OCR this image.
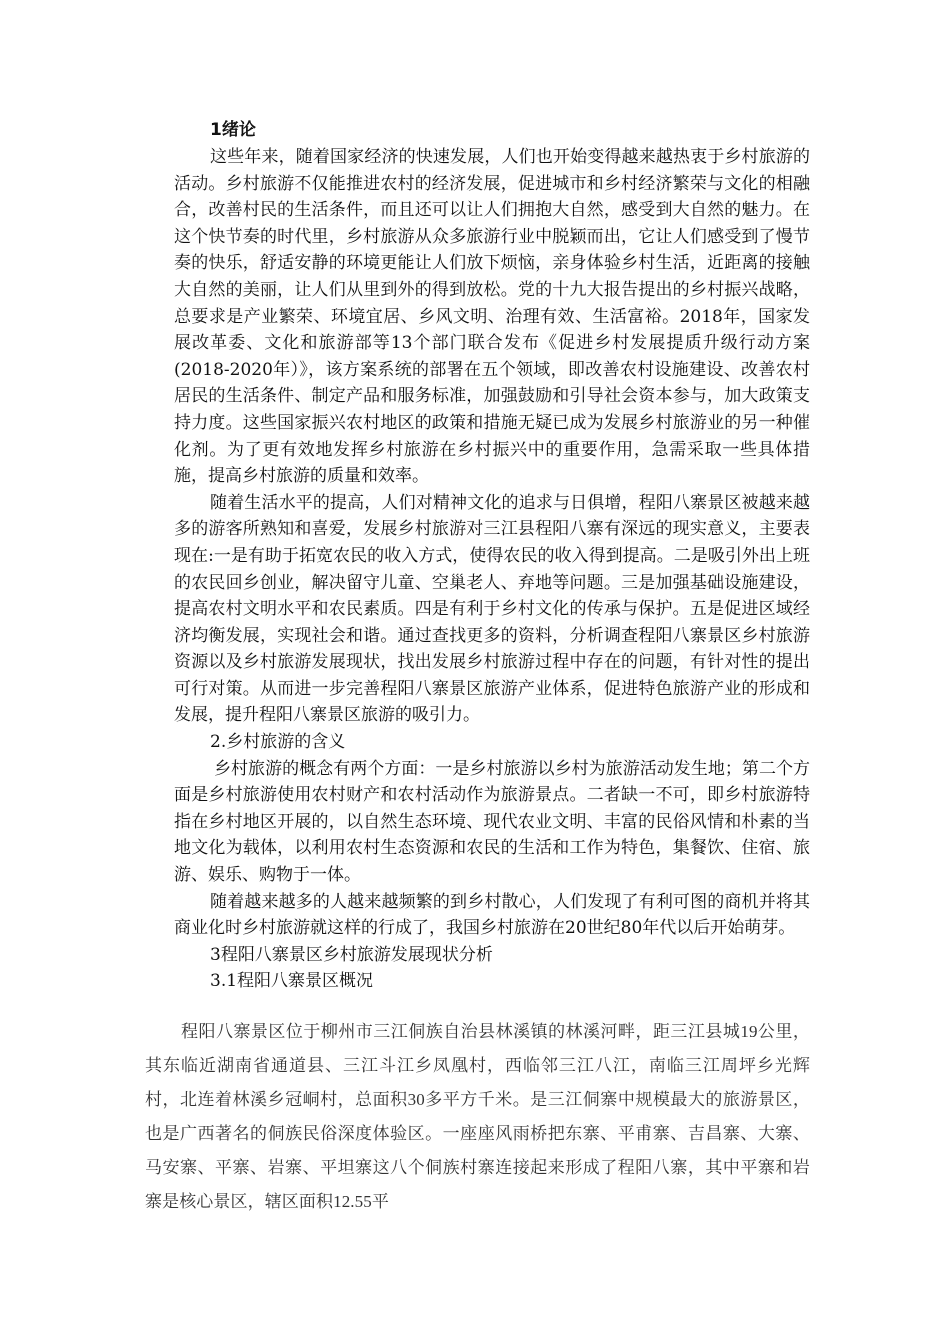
1绪论

这些年来，随着国家经济的快速发展，人们也开始变得越来越热衷于乡村旅游的活动。乡村旅游不仅能推进农村的经济发展，促进城市和乡村经济繁荣与文化的相融合，改善村民的生活条件，而且还可以让人们拥抱大自然，感受到大自然的魅力。在这个快节奏的时代里，乡村旅游从众多旅游行业中脱颖而出，它让人们感受到了慢节奏的快乐，舒适安静的环境更能让人们放下烦恼，亲身体验乡村生活，近距离的接触大自然的美丽，让人们从里到外的得到放松。党的十九大报告提出的乡村振兴战略，总要求是产业繁荣、环境宜居、乡风文明、治理有效、生活富裕。2018年，国家发展改革委、文化和旅游部等13个部门联合发布《促进乡村发展提质升级行动方案(2018-2020年）》，该方案系统的部署在五个领域，即改善农村设施建设、改善农村居民的生活条件、制定产品和服务标准，加强鼓励和引导社会资本参与，加大政策支持力度。这些国家振兴农村地区的政策和措施无疑已成为发展乡村旅游业的另一种催化剂。为了更有效地发挥乡村旅游在乡村振兴中的重要作用，急需采取一些具体措施，提高乡村旅游的质量和效率。

随着生活水平的提高，人们对精神文化的追求与日俱增，程阳八寨景区被越来越多的游客所熟知和喜爱，发展乡村旅游对三江县程阳八寨有深远的现实意义，主要表现在:一是有助于拓宽农民的收入方式，使得农民的收入得到提高。二是吸引外出上班的农民回乡创业，解决留守儿童、空巢老人、弃地等问题。三是加强基础设施建设，提高农村文明水平和农民素质。四是有利于乡村文化的传承与保护。五是促进区域经济均衡发展，实现社会和谐。通过查找更多的资料，分析调查程阳八寨景区乡村旅游资源以及乡村旅游发展现状，找出发展乡村旅游过程中存在的问题，有针对性的提出可行对策。从而进一步完善程阳八寨景区旅游产业体系，促进特色旅游产业的形成和发展，提升程阳八寨景区旅游的吸引力。

2.乡村旅游的含义

乡村旅游的概念有两个方面：一是乡村旅游以乡村为旅游活动发生地；第二个方面是乡村旅游使用农村财产和农村活动作为旅游景点。二者缺一不可，即乡村旅游特指在乡村地区开展的，以自然生态环境、现代农业文明、丰富的民俗风情和朴素的当地文化为载体，以利用农村生态资源和农民的生活和工作为特色，集餐饮、住宿、旅游、娱乐、购物于一体。

随着越来越多的人越来越频繁的到乡村散心，人们发现了有利可图的商机并将其商业化时乡村旅游就这样的行成了，我国乡村旅游在20世纪80年代以后开始萌芽。

3程阳八寨景区乡村旅游发展现状分析
3.1程阳八寨景区概况

程阳八寨景区位于柳州市三江侗族自治县林溪镇的林溪河畔，距三江县城19公里，其东临近湖南省通道县、三江斗江乡凤凰村，西临邻三江八江，南临三江周坪乡光辉村，北连着林溪乡冠峒村，总面积30多平方千米。是三江侗寨中规模最大的旅游景区，也是广西著名的侗族民俗深度体验区。一座座风雨桥把东寨、平甫寨、吉昌寨、大寨、马安寨、平寨、岩寨、平坦寨这八个侗族村寨连接起来形成了程阳八寨，其中平寨和岩寨是核心景区，辖区面积12.55平
